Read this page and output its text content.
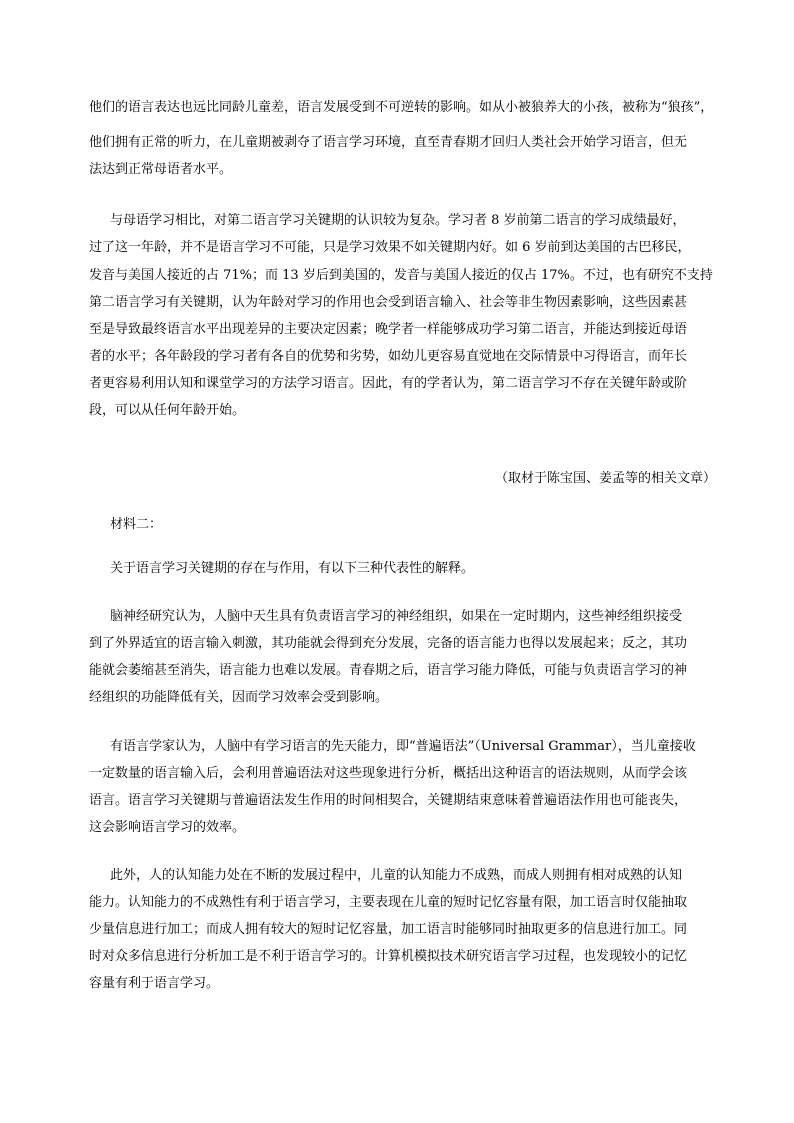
他们的语言表达也远比同龄儿童差，语言发展受到不可逆转的影响。如从小被狼养大的小孩，被称为“狼孩”，
他们拥有正常的听力，在儿童期被剥夺了语言学习环境，直至青春期才回归人类社会开始学习语言，但无
法达到正常母语者水平。
与母语学习相比，对第二语言学习关键期的认识较为复杂。学习者 8 岁前第二语言的学习成绩最好，
过了这一年龄，并不是语言学习不可能，只是学习效果不如关键期内好。如 6 岁前到达美国的古巴移民，
发音与美国人接近的占 71%；而 13 岁后到美国的，发音与美国人接近的仅占 17%。不过，也有研究不支持
第二语言学习有关键期，认为年龄对学习的作用也会受到语言输入、社会等非生物因素影响，这些因素甚
至是导致最终语言水平出现差异的主要决定因素；晚学者一样能够成功学习第二语言，并能达到接近母语
者的水平；各年龄段的学习者有各自的优势和劣势，如幼儿更容易直觉地在交际情景中习得语言，而年长
者更容易利用认知和课堂学习的方法学习语言。因此，有的学者认为，第二语言学习不存在关键年龄或阶
段，可以从任何年龄开始。
（取材于陈宝国、姜孟等的相关文章）
材料二：
关于语言学习关键期的存在与作用，有以下三种代表性的解释。
脑神经研究认为，人脑中天生具有负责语言学习的神经组织，如果在一定时期内，这些神经组织接受
到了外界适宜的语言输入刺激，其功能就会得到充分发展，完备的语言能力也得以发展起来；反之，其功
能就会萎缩甚至消失，语言能力也难以发展。青春期之后，语言学习能力降低，可能与负责语言学习的神
经组织的功能降低有关，因而学习效率会受到影响。
有语言学家认为，人脑中有学习语言的先天能力，即“普遍语法”（Universal Grammar），当儿童接收
一定数量的语言输入后，会利用普遍语法对这些现象进行分析，概括出这种语言的语法规则，从而学会该
语言。语言学习关键期与普遍语法发生作用的时间相契合，关键期结束意味着普遍语法作用也可能丧失，
这会影响语言学习的效率。
此外，人的认知能力处在不断的发展过程中，儿童的认知能力不成熟，而成人则拥有相对成熟的认知
能力。认知能力的不成熟性有利于语言学习，主要表现在儿童的短时记忆容量有限，加工语言时仅能抽取
少量信息进行加工；而成人拥有较大的短时记忆容量，加工语言时能够同时抽取更多的信息进行加工。同
时对众多信息进行分析加工是不利于语言学习的。计算机模拟技术研究语言学习过程，也发现较小的记忆
容量有利于语言学习。
